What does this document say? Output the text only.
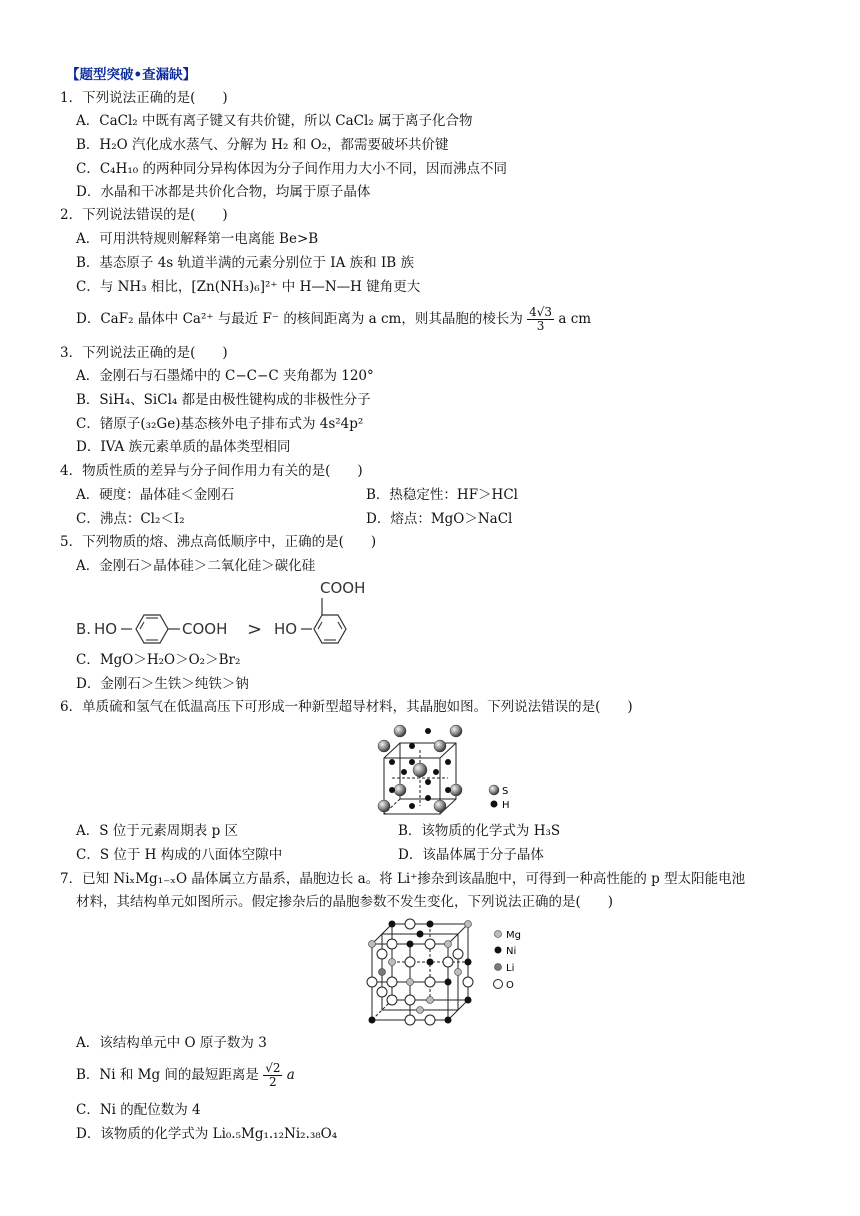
【题型突破•查漏缺】
1．下列说法正确的是(　　)
A．CaCl₂ 中既有离子键又有共价键，所以 CaCl₂ 属于离子化合物
B．H₂O 汽化成水蒸气、分解为 H₂ 和 O₂，都需要破坏共价键
C．C₄H₁₀ 的两种同分异构体因为分子间作用力大小不同，因而沸点不同
D．水晶和干冰都是共价化合物，均属于原子晶体
2．下列说法错误的是(　　)
A．可用洪特规则解释第一电离能 Be>B
B．基态原子 4s 轨道半满的元素分别位于 ⅠA 族和 ⅠB 族
C．与 NH₃ 相比，[Zn(NH₃)₆]²⁺ 中 H—N—H 键角更大
D．CaF₂ 晶体中 Ca²⁺ 与最近 F⁻ 的核间距离为 a cm，则其晶胞的棱长为 $\frac{4√3}{3}$ a cm
3．下列说法正确的是(　　)
A．金刚石与石墨烯中的 C−C−C 夹角都为 120°
B．SiH₄、SiCl₄ 都是由极性键构成的非极性分子
C．锗原子(₃₂Ge)基态核外电子排布式为 4s²4p²
D．IVA 族元素单质的晶体类型相同
4．物质性质的差异与分子间作用力有关的是(　　)
A．硬度：晶体硅＜金刚石	B．热稳定性：HF＞HCl
C．沸点：Cl₂＜I₂	D．熔点：MgO＞NaCl
5．下列物质的熔、沸点高低顺序中，正确的是(　　)
A．金刚石＞晶体硅＞二氧化硅＞碳化硅
B. HO	COOH > HO
COOH
C．MgO＞H₂O＞O₂＞Br₂
D．金刚石＞生铁＞纯铁＞钠
6．单质硫和氢气在低温高压下可形成一种新型超导材料，其晶胞如图。下列说法错误的是(　　)
S
H
A．S 位于元素周期表 p 区	B．该物质的化学式为 H₃S
C．S 位于 H 构成的八面体空隙中	D．该晶体属于分子晶体
7．已知 NiₓMg₁₋ₓO 晶体属立方晶系，晶胞边长 a。将 Li⁺掺杂到该晶胞中，可得到一种高性能的 p 型太阳能电池
材料，其结构单元如图所示。假定掺杂后的晶胞参数不发生变化，下列说法正确的是(　　)
Mg
Ni
Li
O
A．该结构单元中 O 原子数为 3
B．Ni 和 Mg 间的最短距离是 $\frac{√2}{2}$ a
C．Ni 的配位数为 4
D．该物质的化学式为 Li₀.₅Mg₁.₁₂Ni₂.₃₈O₄
